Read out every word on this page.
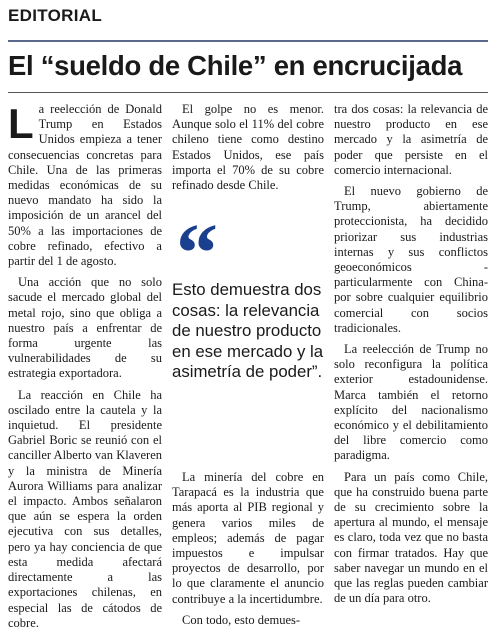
EDITORIAL
El “sueldo de Chile” en encrucijada

La reelección de Donald Trump en Estados Unidos empieza a tener consecuencias concretas para Chile. Una de las primeras medidas económicas de su nuevo mandato ha sido la imposición de un arancel del 50% a las importaciones de cobre refinado, efectivo a partir del 1 de agosto.

Una acción que no solo sacude el mercado global del metal rojo, sino que obliga a nuestro país a enfrentar de forma urgente las vulnerabilidades de su estrategia exportadora.

La reacción en Chile ha oscilado entre la cautela y la inquietud. El presidente Gabriel Boric se reunió con el canciller Alberto van Klaveren y la ministra de Minería Aurora Williams para analizar el impacto. Ambos señalaron que aún se espera la orden ejecutiva con sus detalles, pero ya hay conciencia de que esta medida afectará directamente a las exportaciones chilenas, en especial las de cátodos de cobre.

El golpe no es menor. Aunque solo el 11% del cobre chileno tiene como destino Estados Unidos, ese país importa el 70% de su cobre refinado desde Chile.

La minería del cobre en Tarapacá es la industria que más aporta al PIB regional y genera varios miles de empleos; además de pagar impuestos e impulsar proyectos de desarrollo, por lo que claramente el anuncio contribuye a la incertidumbre.

Con todo, esto demues-

“
Esto demuestra dos cosas: la relevancia de nuestro producto en ese mercado y la asimetría de poder”.

tra dos cosas: la relevancia de nuestro producto en ese mercado y la asimetría de poder que persiste en el comercio internacional.

El nuevo gobierno de Trump, abiertamente proteccionista, ha decidido priorizar sus industrias internas y sus conflictos geoeconómicos -particularmente con China- por sobre cualquier equilibrio comercial con socios tradicionales.

La reelección de Trump no solo reconfigura la política exterior estadounidense. Marca también el retorno explícito del nacionalismo económico y el debilitamiento del libre comercio como paradigma.

Para un país como Chile, que ha construido buena parte de su crecimiento sobre la apertura al mundo, el mensaje es claro, toda vez que no basta con firmar tratados. Hay que saber navegar un mundo en el que las reglas pueden cambiar de un día para otro.
